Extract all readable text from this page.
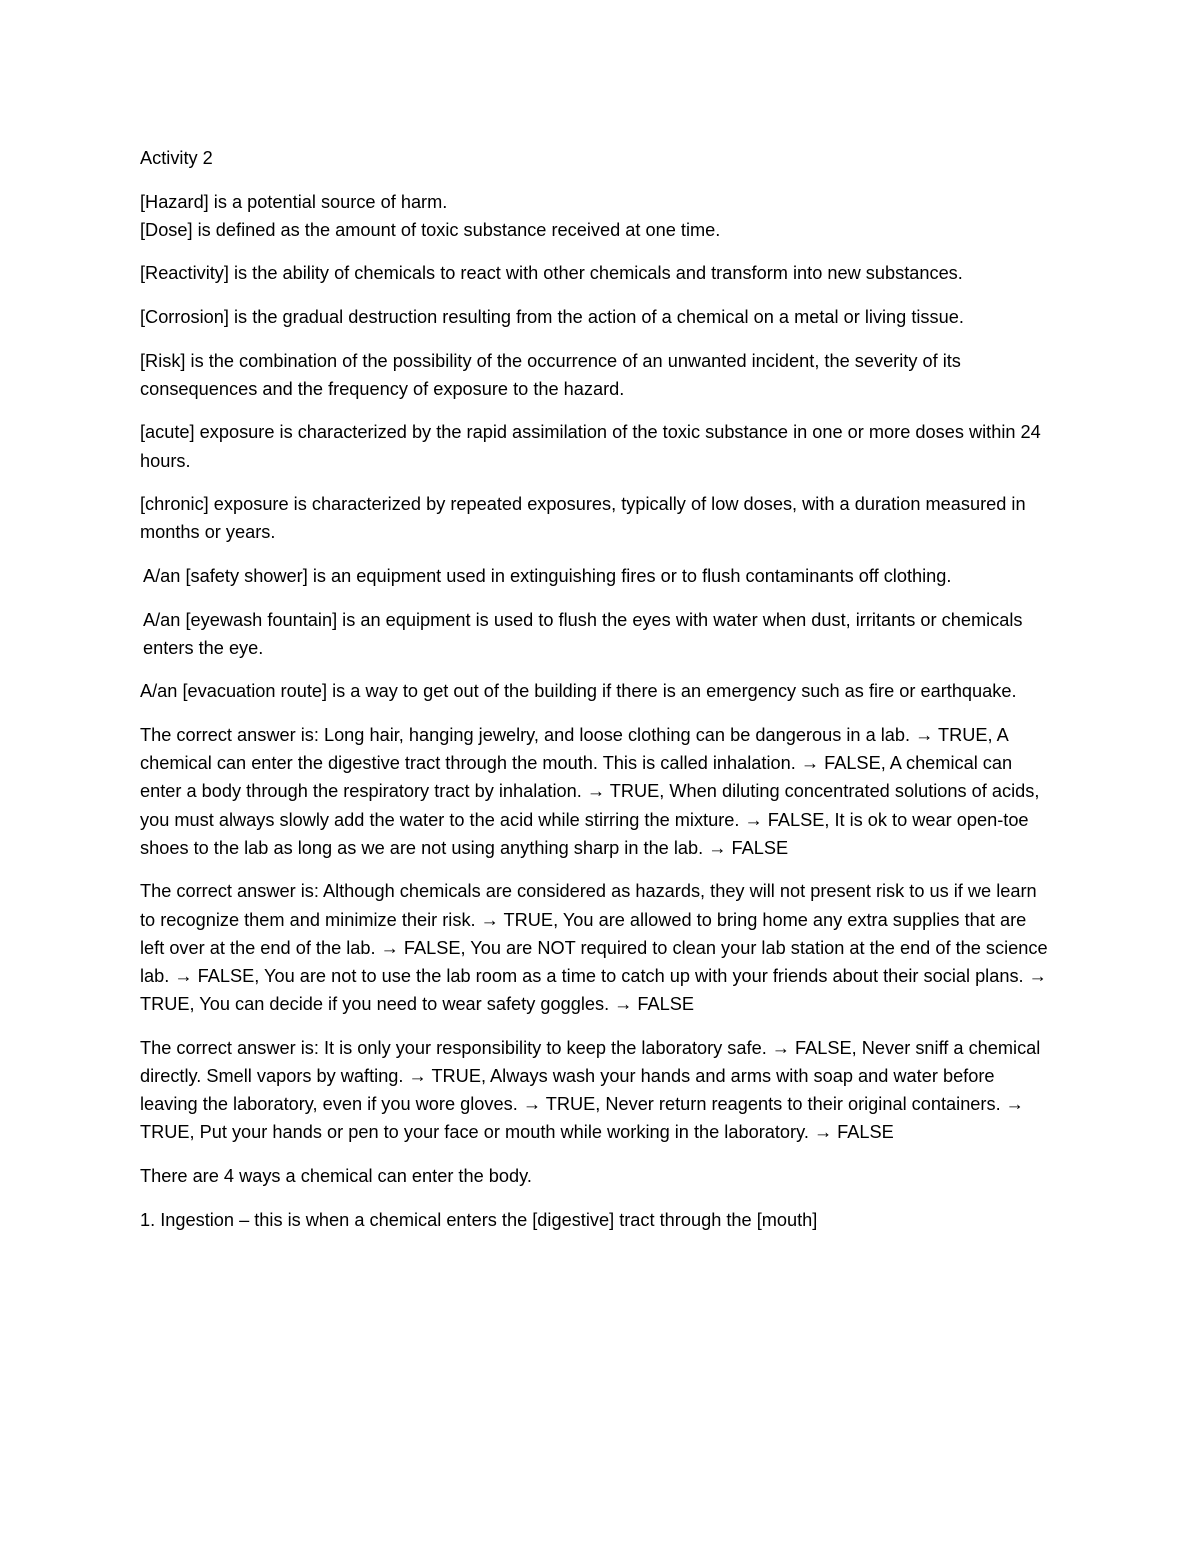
Activity 2

[Hazard] is a potential source of harm.

[Dose] is defined as the amount of toxic substance received at one time.

[Reactivity] is the ability of chemicals to react with other chemicals and transform into new substances.

[Corrosion] is the gradual destruction resulting from the action of a chemical on a metal or living tissue.

[Risk] is the combination of the possibility of the occurrence of an unwanted incident, the severity of its consequences and the frequency of exposure to the hazard.

[acute] exposure is characterized by the rapid assimilation of the toxic substance in one or more doses within 24 hours.

[chronic] exposure is characterized by repeated exposures, typically of low doses, with a duration measured in months or years.

A/an [safety shower] is an equipment used in extinguishing fires or to flush contaminants off clothing.

A/an [eyewash fountain] is an equipment is used to flush the eyes with water when dust, irritants or chemicals enters the eye.

A/an [evacuation route] is a way to get out of the building if there is an emergency such as fire or earthquake.

The correct answer is: Long hair, hanging jewelry, and loose clothing can be dangerous in a lab. → TRUE, A chemical can enter the digestive tract through the mouth. This is called inhalation. → FALSE, A chemical can enter a body through the respiratory tract by inhalation. → TRUE, When diluting concentrated solutions of acids, you must always slowly add the water to the acid while stirring the mixture. → FALSE, It is ok to wear open-toe shoes to the lab as long as we are not using anything sharp in the lab. → FALSE

The correct answer is: Although chemicals are considered as hazards, they will not present risk to us if we learn to recognize them and minimize their risk. → TRUE, You are allowed to bring home any extra supplies that are left over at the end of the lab. → FALSE, You are NOT required to clean your lab station at the end of the science lab. → FALSE, You are not to use the lab room as a time to catch up with your friends about their social plans. → TRUE, You can decide if you need to wear safety goggles. → FALSE

The correct answer is: It is only your responsibility to keep the laboratory safe. → FALSE, Never sniff a chemical directly. Smell vapors by wafting. → TRUE, Always wash your hands and arms with soap and water before leaving the laboratory, even if you wore gloves. → TRUE, Never return reagents to their original containers. → TRUE, Put your hands or pen to your face or mouth while working in the laboratory. → FALSE

There are 4 ways a chemical can enter the body.

1. Ingestion – this is when a chemical enters the [digestive] tract through the [mouth]
